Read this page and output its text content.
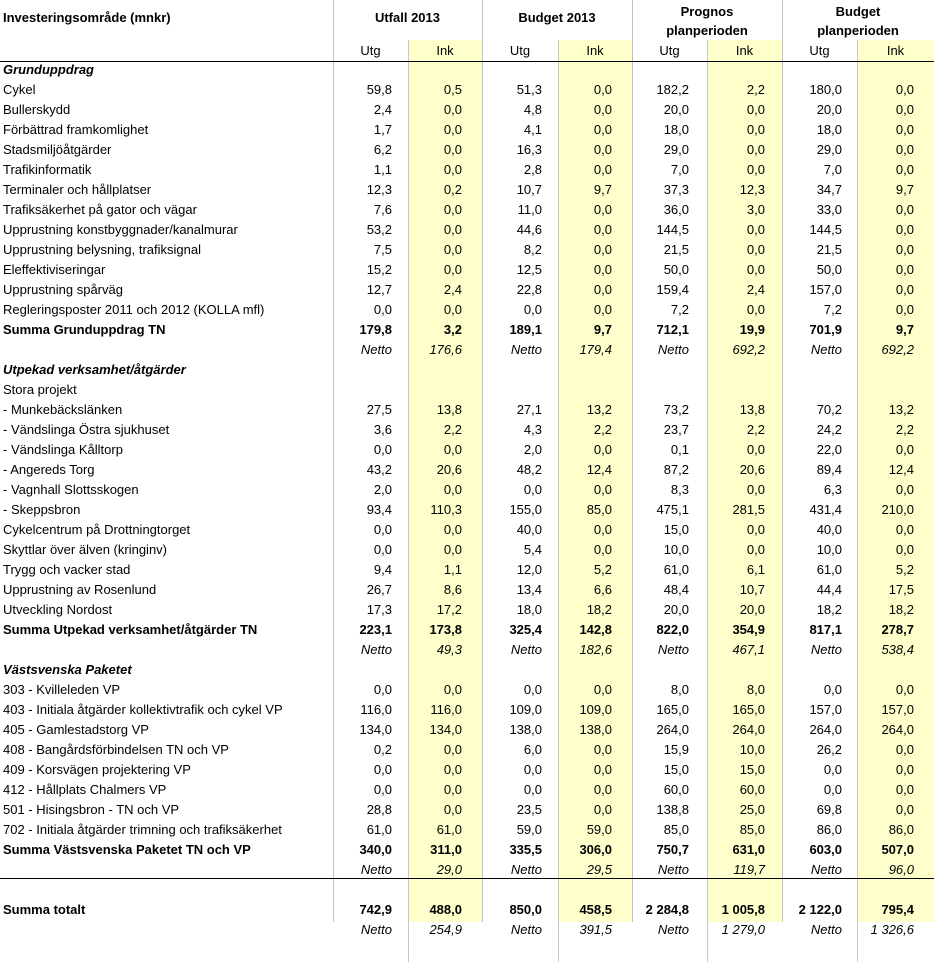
Investeringsområde (mnkr)	Utfall 2013	Budget 2013	Prognos
planperioden
Budget
planperioden
Utg	Ink	Utg	Ink	Utg	Ink	Utg	Ink
Grunduppdrag
Cykel	59,8	0,5	51,3	0,0	182,2	2,2	180,0	0,0
Bullerskydd	2,4	0,0	4,8	0,0	20,0	0,0	20,0	0,0
Förbättrad framkomlighet	1,7	0,0	4,1	0,0	18,0	0,0	18,0	0,0
Stadsmiljöåtgärder	6,2	0,0	16,3	0,0	29,0	0,0	29,0	0,0
Trafikinformatik	1,1	0,0	2,8	0,0	7,0	0,0	7,0	0,0
Terminaler och hållplatser	12,3	0,2	10,7	9,7	37,3	12,3	34,7	9,7
Trafiksäkerhet på gator och vägar	7,6	0,0	11,0	0,0	36,0	3,0	33,0	0,0
Upprustning konstbyggnader/kanalmurar	53,2	0,0	44,6	0,0	144,5	0,0	144,5	0,0
Upprustning belysning, trafiksignal	7,5	0,0	8,2	0,0	21,5	0,0	21,5	0,0
Eleffektiviseringar	15,2	0,0	12,5	0,0	50,0	0,0	50,0	0,0
Upprustning spårväg	12,7	2,4	22,8	0,0	159,4	2,4	157,0	0,0
Regleringsposter 2011 och 2012 (KOLLA mfl)	0,0	0,0	0,0	0,0	7,2	0,0	7,2	0,0
Summa Grunduppdrag TN	179,8	3,2	189,1	9,7	712,1	19,9	701,9	9,7
Netto	176,6	Netto	179,4	Netto	692,2	Netto	692,2
Utpekad verksamhet/åtgärder
Stora projekt
- Munkebäckslänken	27,5	13,8	27,1	13,2	73,2	13,8	70,2	13,2
- Vändslinga Östra sjukhuset	3,6	2,2	4,3	2,2	23,7	2,2	24,2	2,2
- Vändslinga Kålltorp	0,0	0,0	2,0	0,0	0,1	0,0	22,0	0,0
- Angereds Torg	43,2	20,6	48,2	12,4	87,2	20,6	89,4	12,4
- Vagnhall Slottsskogen	2,0	0,0	0,0	0,0	8,3	0,0	6,3	0,0
- Skeppsbron	93,4	110,3	155,0	85,0	475,1	281,5	431,4	210,0
Cykelcentrum på Drottningtorget	0,0	0,0	40,0	0,0	15,0	0,0	40,0	0,0
Skyttlar över älven (kringinv)	0,0	0,0	5,4	0,0	10,0	0,0	10,0	0,0
Trygg och vacker stad	9,4	1,1	12,0	5,2	61,0	6,1	61,0	5,2
Upprustning av Rosenlund	26,7	8,6	13,4	6,6	48,4	10,7	44,4	17,5
Utveckling Nordost	17,3	17,2	18,0	18,2	20,0	20,0	18,2	18,2
Summa Utpekad verksamhet/åtgärder TN	223,1	173,8	325,4	142,8	822,0	354,9	817,1	278,7
Netto	49,3	Netto	182,6	Netto	467,1	Netto	538,4
Västsvenska Paketet
303 - Kvilleleden VP	0,0	0,0	0,0	0,0	8,0	8,0	0,0	0,0
403 - Initiala åtgärder kollektivtrafik och cykel VP	116,0	116,0	109,0	109,0	165,0	165,0	157,0	157,0
405 - Gamlestadstorg VP	134,0	134,0	138,0	138,0	264,0	264,0	264,0	264,0
408 - Bangårdsförbindelsen TN och VP	0,2	0,0	6,0	0,0	15,9	10,0	26,2	0,0
409 - Korsvägen projektering VP	0,0	0,0	0,0	0,0	15,0	15,0	0,0	0,0
412 - Hållplats Chalmers VP	0,0	0,0	0,0	0,0	60,0	60,0	0,0	0,0
501 - Hisingsbron - TN och VP	28,8	0,0	23,5	0,0	138,8	25,0	69,8	0,0
702 - Initiala åtgärder trimning och trafiksäkerhet	61,0	61,0	59,0	59,0	85,0	85,0	86,0	86,0
Summa Västsvenska Paketet TN och VP	340,0	311,0	335,5	306,0	750,7	631,0	603,0	507,0
Netto	29,0	Netto	29,5	Netto	119,7	Netto	96,0
Summa totalt	742,9	488,0	850,0	458,5	2 284,8	1 005,8	2 122,0	795,4
Netto	254,9	Netto	391,5	Netto	1 279,0	Netto 1 326,6
